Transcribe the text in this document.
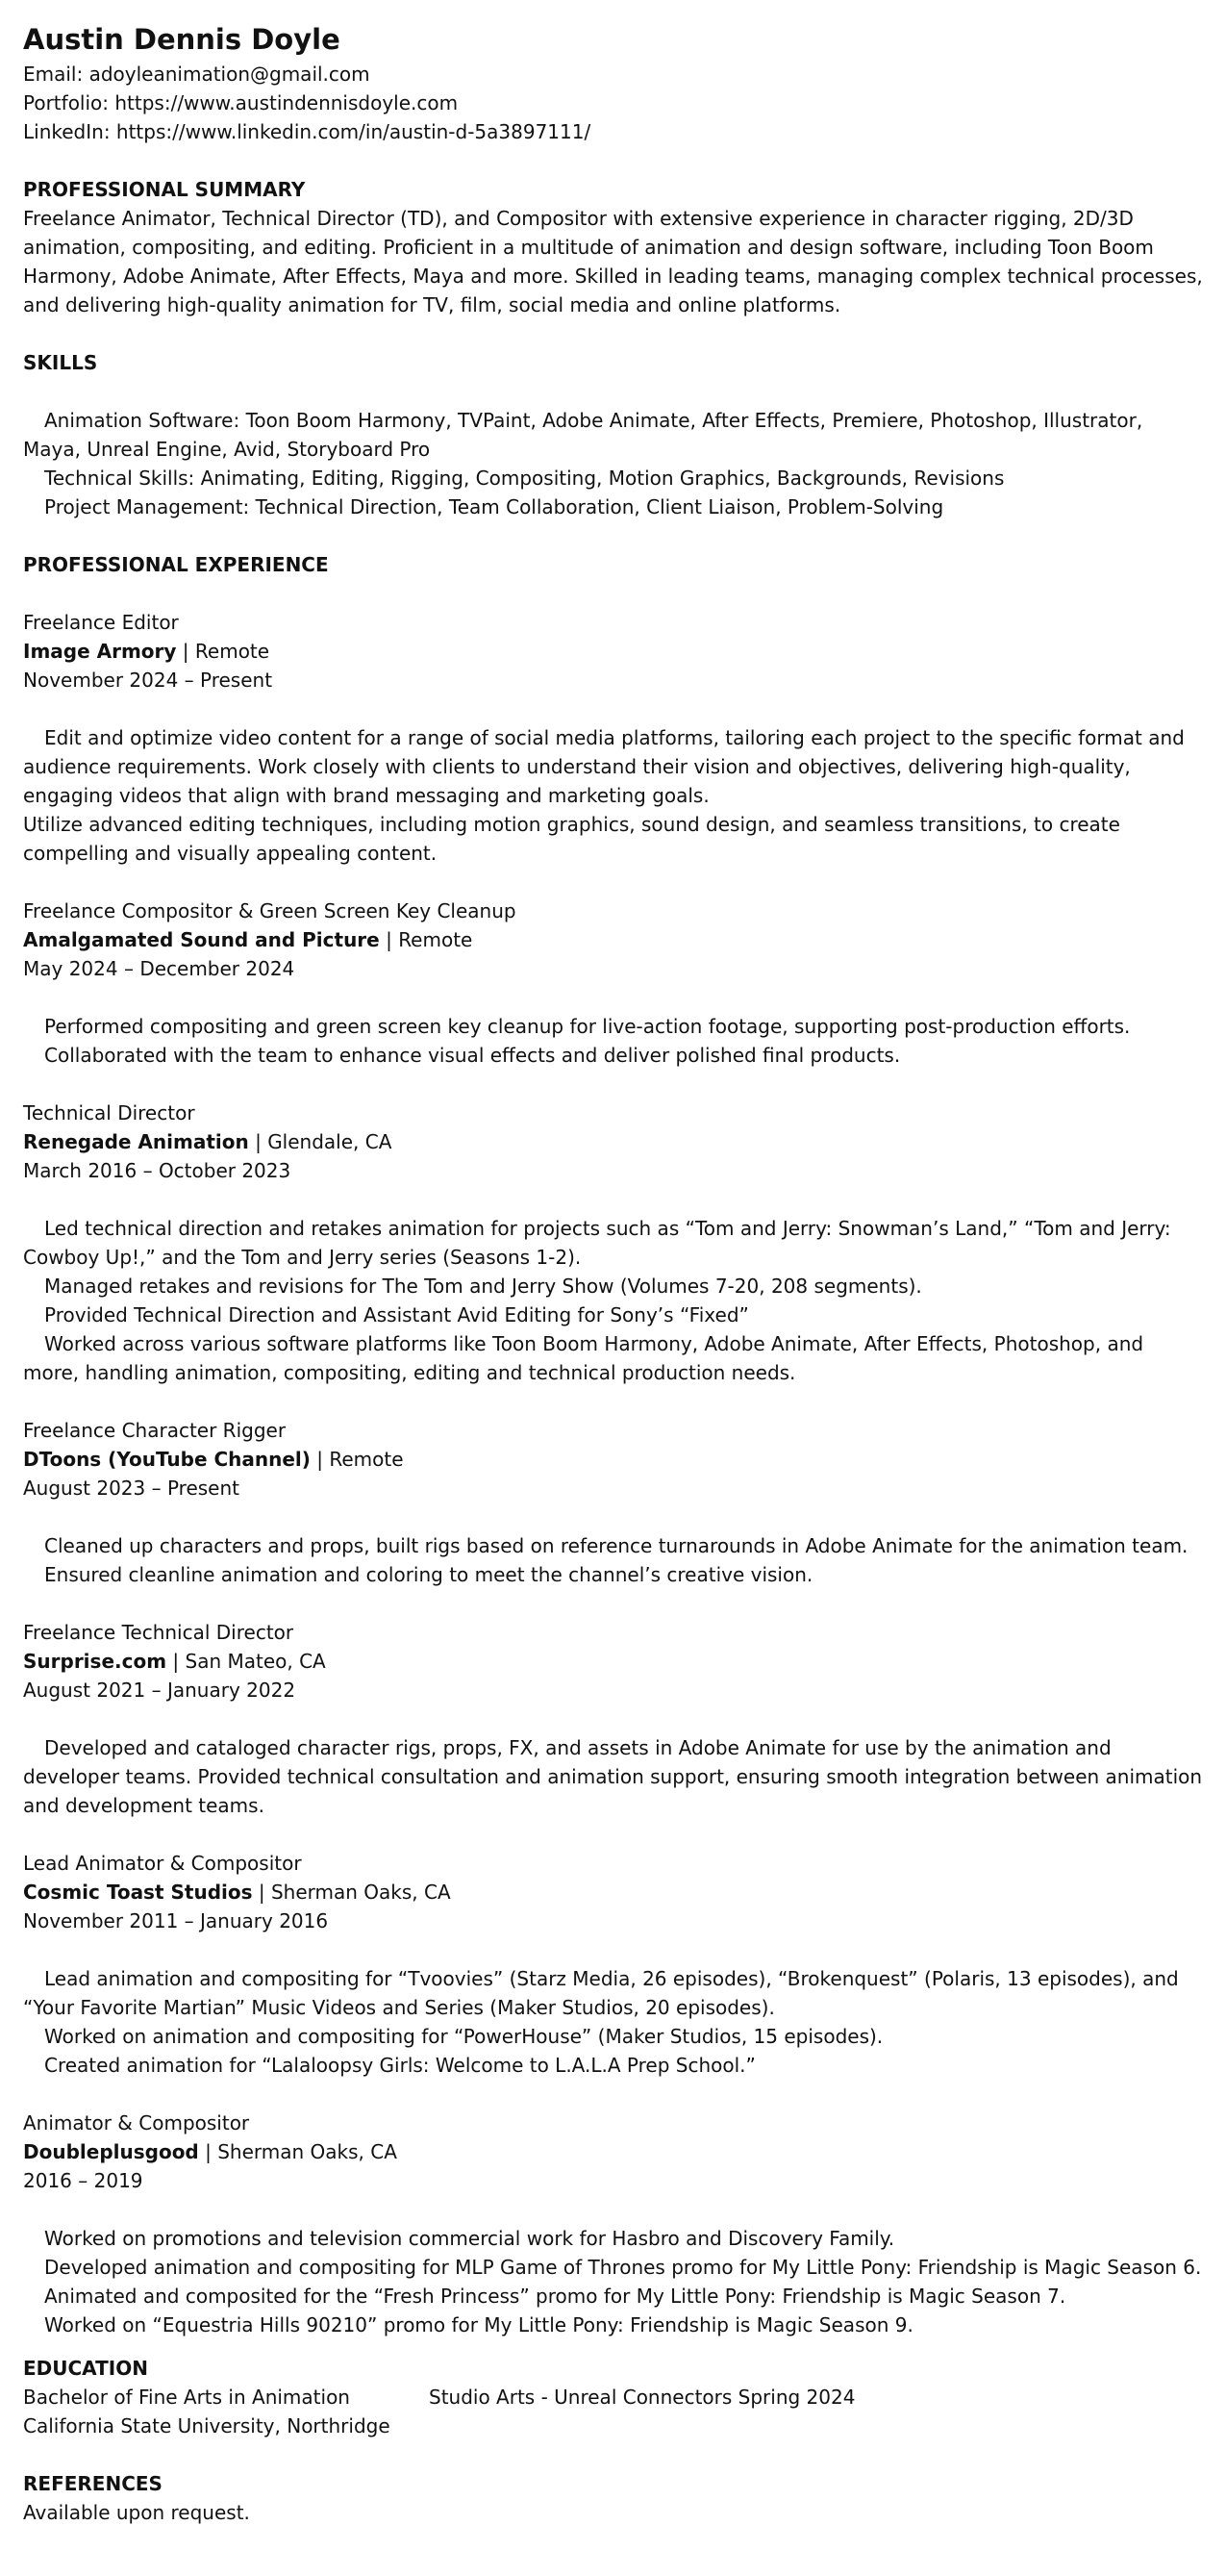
Austin Dennis Doyle

Email: adoyleanimation@gmail.com

Portfolio: https://www.austindennisdoyle.com

LinkedIn: https://www.linkedin.com/in/austin-d-5a3897111/

PROFESSIONAL SUMMARY

Freelance Animator, Technical Director (TD), and Compositor with extensive experience in character rigging, 2D/3D animation, compositing, and editing. Proficient in a multitude of animation and design software, including Toon Boom Harmony, Adobe Animate, After Effects, Maya and more. Skilled in leading teams, managing complex technical processes, and delivering high-quality animation for TV, film, social media and online platforms.

SKILLS

Animation Software: Toon Boom Harmony, TVPaint, Adobe Animate, After Effects, Premiere, Photoshop, Illustrator, Maya, Unreal Engine, Avid, Storyboard Pro

Technical Skills: Animating, Editing, Rigging, Compositing, Motion Graphics, Backgrounds, Revisions

Project Management: Technical Direction, Team Collaboration, Client Liaison, Problem-Solving

PROFESSIONAL EXPERIENCE

Freelance Editor

Image Armory | Remote

November 2024 – Present

Edit and optimize video content for a range of social media platforms, tailoring each project to the specific format and audience requirements. Work closely with clients to understand their vision and objectives, delivering high-quality, engaging videos that align with brand messaging and marketing goals.

Utilize advanced editing techniques, including motion graphics, sound design, and seamless transitions, to create compelling and visually appealing content.

Freelance Compositor & Green Screen Key Cleanup

Amalgamated Sound and Picture | Remote

May 2024 – December 2024

Performed compositing and green screen key cleanup for live-action footage, supporting post-production efforts.

Collaborated with the team to enhance visual effects and deliver polished final products.

Technical Director

Renegade Animation | Glendale, CA

March 2016 – October 2023

Led technical direction and retakes animation for projects such as “Tom and Jerry: Snowman’s Land,” “Tom and Jerry: Cowboy Up!,” and the Tom and Jerry series (Seasons 1-2).

Managed retakes and revisions for The Tom and Jerry Show (Volumes 7-20, 208 segments).

Provided Technical Direction and Assistant Avid Editing for Sony’s “Fixed”

Worked across various software platforms like Toon Boom Harmony, Adobe Animate, After Effects, Photoshop, and more, handling animation, compositing, editing and technical production needs.

Freelance Character Rigger

DToons (YouTube Channel) | Remote

August 2023 – Present

Cleaned up characters and props, built rigs based on reference turnarounds in Adobe Animate for the animation team.

Ensured cleanline animation and coloring to meet the channel’s creative vision.

Freelance Technical Director

Surprise.com | San Mateo, CA

August 2021 – January 2022

Developed and cataloged character rigs, props, FX, and assets in Adobe Animate for use by the animation and developer teams. Provided technical consultation and animation support, ensuring smooth integration between animation and development teams.

Lead Animator & Compositor

Cosmic Toast Studios | Sherman Oaks, CA

November 2011 – January 2016

Lead animation and compositing for “Tvoovies” (Starz Media, 26 episodes), “Brokenquest” (Polaris, 13 episodes), and “Your Favorite Martian” Music Videos and Series (Maker Studios, 20 episodes).

Worked on animation and compositing for “PowerHouse” (Maker Studios, 15 episodes).

Created animation for “Lalaloopsy Girls: Welcome to L.A.L.A Prep School.”

Animator & Compositor

Doubleplusgood | Sherman Oaks, CA

2016 – 2019

Worked on promotions and television commercial work for Hasbro and Discovery Family.

Developed animation and compositing for MLP Game of Thrones promo for My Little Pony: Friendship is Magic Season 6.

Animated and composited for the “Fresh Princess” promo for My Little Pony: Friendship is Magic Season 7.

Worked on “Equestria Hills 90210” promo for My Little Pony: Friendship is Magic Season 9.

EDUCATION

Bachelor of Fine Arts in Animation

California State University, Northridge

Studio Arts - Unreal Connectors Spring 2024

REFERENCES

Available upon request.
